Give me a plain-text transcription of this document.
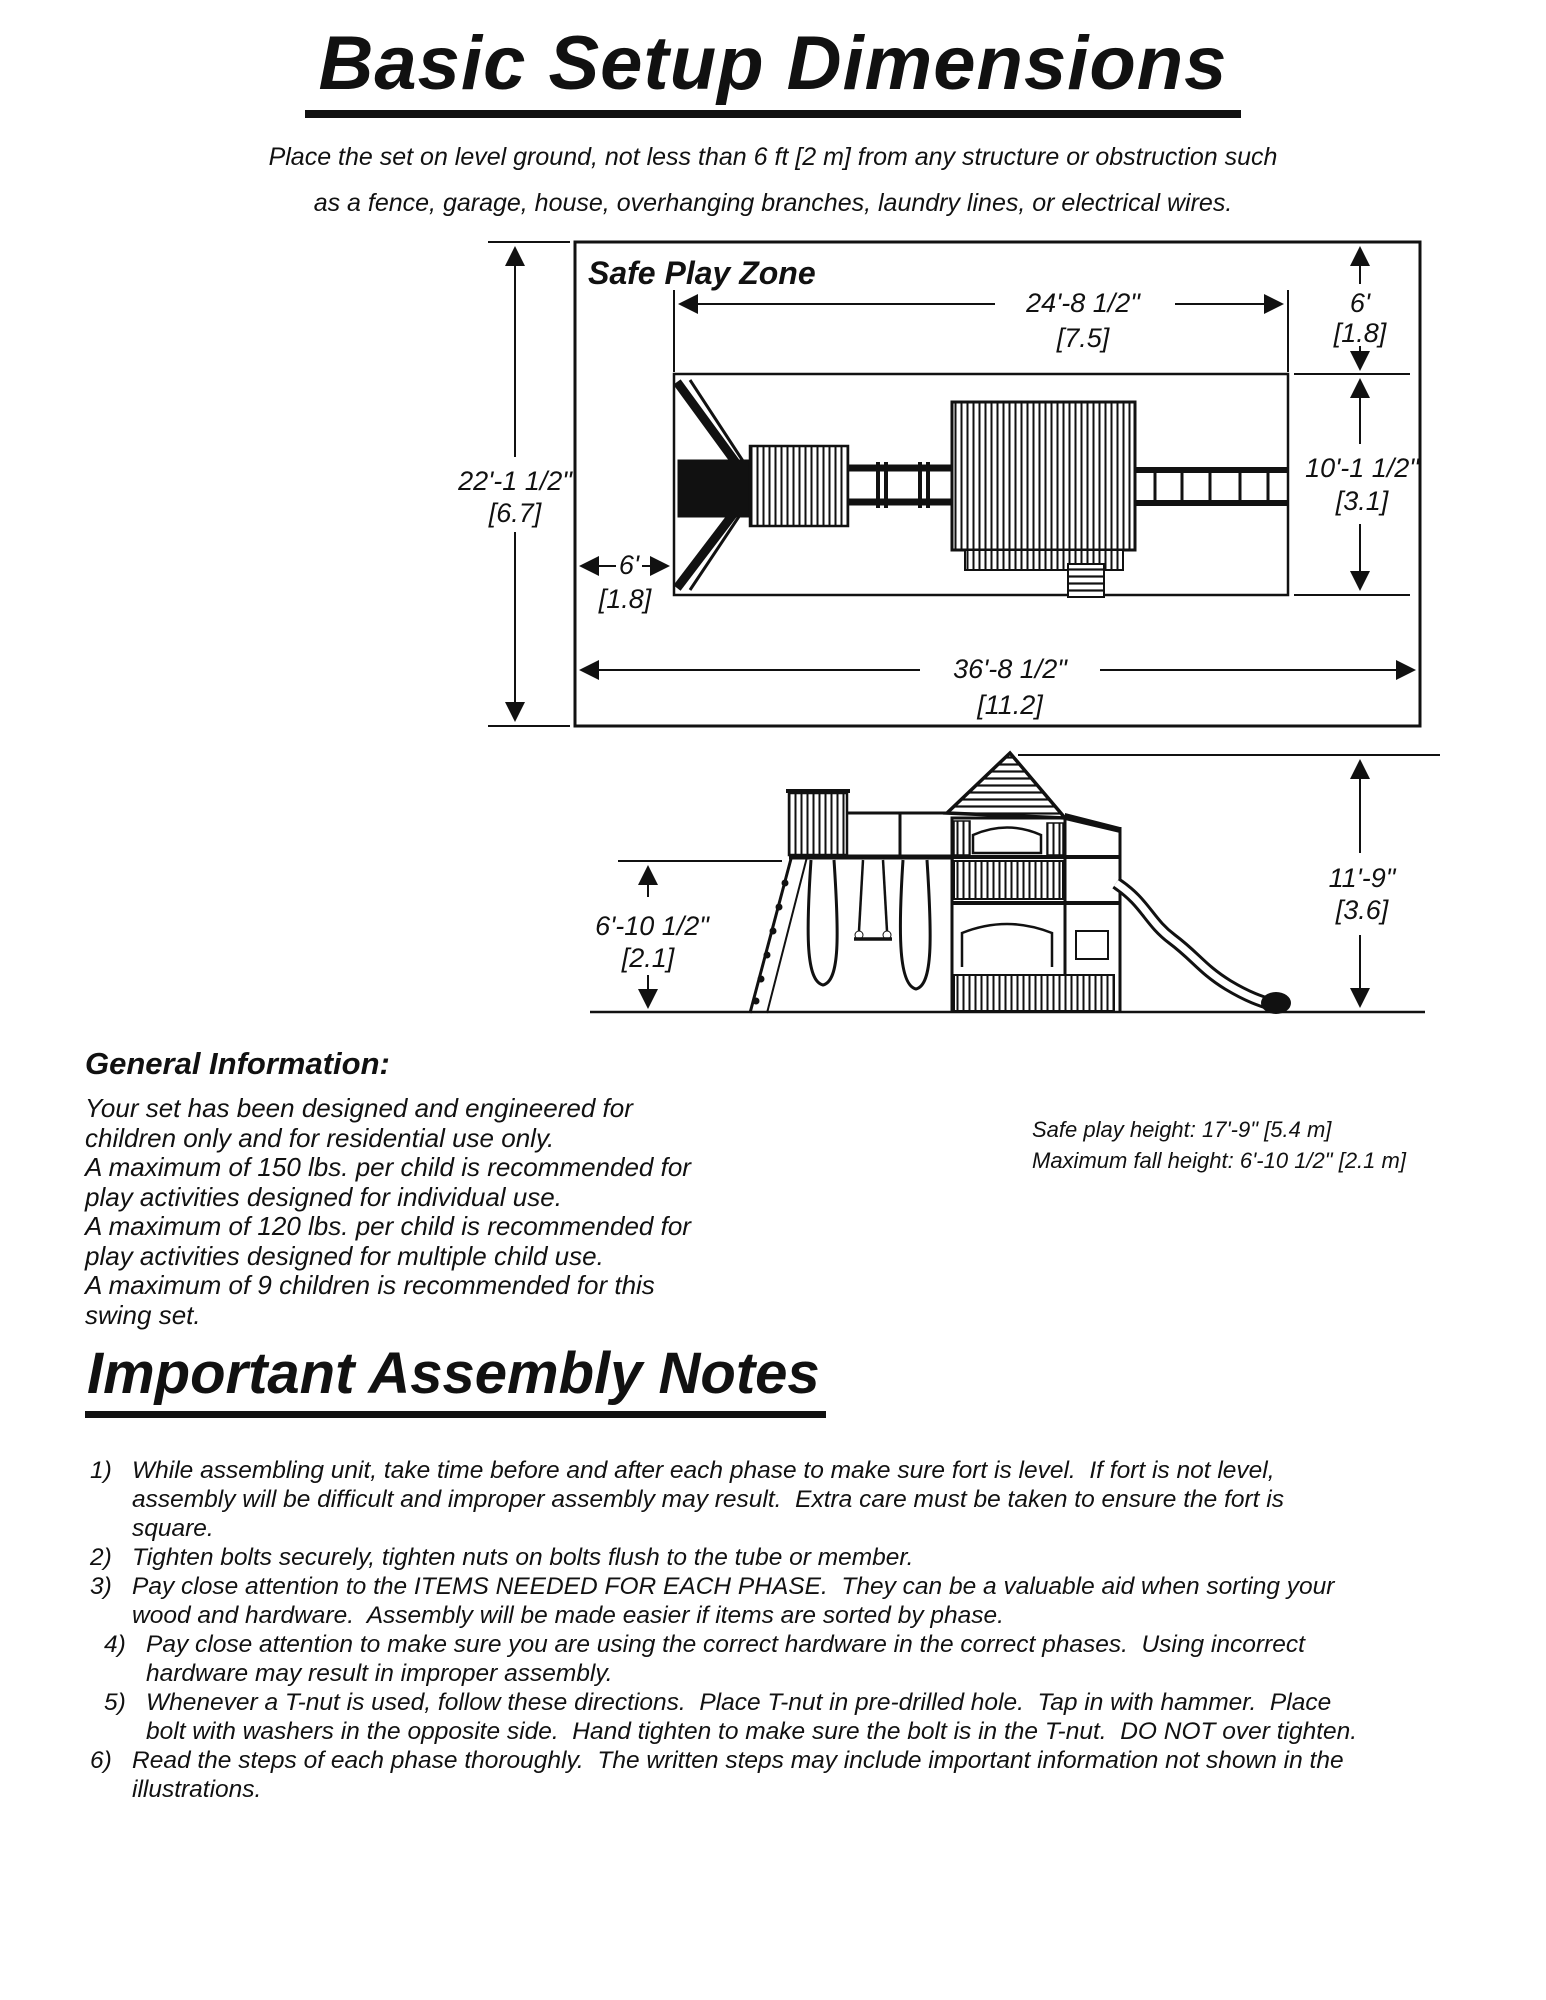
Basic Setup Dimensions
Place the set on level ground, not less than 6 ft [2 m] from any structure or obstruction such
as a fence, garage, house, overhanging branches, laundry lines, or electrical wires.
Safe Play Zone
22'-1 1/2"
[6.7]
24'-8 1/2"
[7.5]
6'
[1.8]
6'
[1.8]
10'-1 1/2"
[3.1]
36'-8 1/2"
[11.2]
6'-10 1/2"
[2.1]
11'-9"
[3.6]
General Information:
Your set has been designed and engineered for
children only and for residential use only.
A maximum of 150 lbs. per child is recommended for
play activities designed for individual use.
A maximum of 120 lbs. per child is recommended for
play activities designed for multiple child use.
A maximum of 9 children is recommended for this
swing set.
Safe play height: 17'-9" [5.4 m]
Maximum fall height: 6'-10 1/2" [2.1 m]
Important Assembly Notes
1) While assembling unit, take time before and after each phase to make sure fort is level.  If fort is not level, assembly will be difficult and improper assembly may result.  Extra care must be taken to ensure the fort is square.
2) Tighten bolts securely, tighten nuts on bolts flush to the tube or member.
3) Pay close attention to the ITEMS NEEDED FOR EACH PHASE.  They can be a valuable aid when sorting your wood and hardware.  Assembly will be made easier if items are sorted by phase.
4) Pay close attention to make sure you are using the correct hardware in the correct phases.  Using incorrect hardware may result in improper assembly.
5) Whenever a T-nut is used, follow these directions.  Place T-nut in pre-drilled hole.  Tap in with hammer.  Place bolt with washers in the opposite side.  Hand tighten to make sure the bolt is in the T-nut.  DO NOT over tighten.
6) Read the steps of each phase thoroughly.  The written steps may include important information not shown in the illustrations.
